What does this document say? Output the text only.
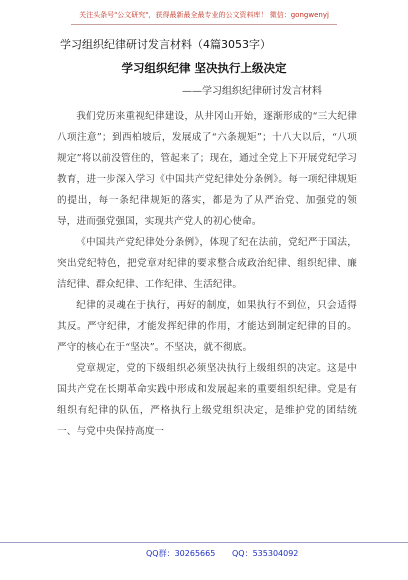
关注头条号"公文研究"，获得最新最全最专业的公文资料库！ 微信：gongwenyj
学习组织纪律研讨发言材料（4篇3053字）
学习组织纪律 坚决执行上级决定
——学习组织纪律研讨发言材料

我们党历来重视纪律建设，从井冈山开始，逐渐形成的“三大纪律八项注意”；到西柏坡后，发展成了“六条规矩”；十八大以后，“八项规定”将以前没管住的，管起来了；现在，通过全党上下开展党纪学习教育，进一步深入学习《中国共产党纪律处分条例》。每一项纪律规矩的提出，每一条纪律规矩的落实，都是为了从严治党、加强党的领导，进而强党强国，实现共产党人的初心使命。

《中国共产党纪律处分条例》，体现了纪在法前，党纪严于国法，突出党纪特色，把党章对纪律的要求整合成政治纪律、组织纪律、廉洁纪律、群众纪律、工作纪律、生活纪律。

纪律的灵魂在于执行，再好的制度，如果执行不到位，只会适得其反。严守纪律，才能发挥纪律的作用，才能达到制定纪律的目的。严守的核心在于“坚决”。不坚决，就不彻底。

党章规定，党的下级组织必须坚决执行上级组织的决定。这是中国共产党在长期革命实践中形成和发展起来的重要组织纪律。党是有组织有纪律的队伍，严格执行上级党组织决定，是维护党的团结统一、与党中央保持高度一

QQ群：30265665 QQ：535304092
